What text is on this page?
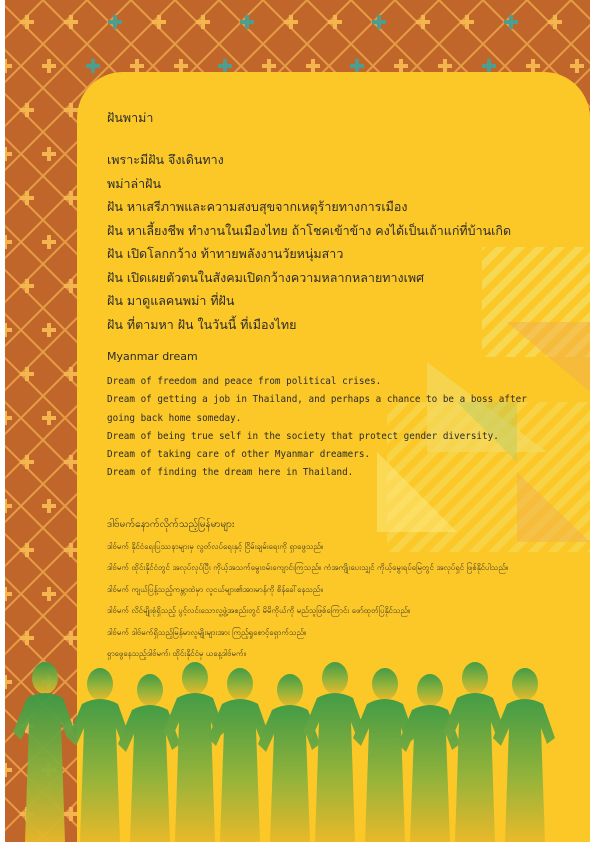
ฝันพาม่า
เพราะมีฝัน จึงเดินทาง
พม่าล่าฝัน
ฝัน หาเสรีภาพและความสงบสุขจากเหตุร้ายทางการเมือง
ฝัน หาเลี้ยงชีพ ทำงานในเมืองไทย ถ้าโชคเข้าข้าง คงได้เป็นเถ้าแก่ที่บ้านเกิด
ฝัน เปิดโลกกว้าง ท้าทายพลังงานวัยหนุ่มสาว
ฝัน เปิดเผยตัวตนในสังคมเปิดกว้างความหลากหลายทางเพศ
ฝัน มาดูแลคนพม่า ที่ฝัน
ฝัน ที่ตามหา ฝัน ในวันนี้ ที่เมืองไทย
Myanmar dream
Dream of freedom and peace from political crises.
Dream of getting a job in Thailand, and perhaps a chance to be a boss after
going back home someday.
Dream of being true self in the society that protect gender diversity.
Dream of taking care of other Myanmar dreamers.
Dream of finding the dream here in Thailand.
ဒါဗ်မက်နောက်လိုက်သည့်မြန်မာများ
ဒါဗ်မက် နိုင်ငံရေးပြဿနာများမှ လွတ်လပ်ရေးနှင့် ငြိမ်းချမ်းရေးကို ရှာဖွေသည်။
ဒါဗ်မက် ထိုင်းနိုင်ငံတွင် အလုပ်လုပ်ပြီး ကိုယ့်အသက်မွေးဝမ်းကျောင်းကြသည်။ ကံအကျိုးပေးသျှင် ကိုယ့်မွေးရပ်မြေတွင် အလုပ်ရှင် ဖြစ်နိုင်ပါသည်။
ဒါဗ်မက် ကျယ်ပြန့်သည့်ကမ္ဘာထဲမှာ လူငယ်များ၏အားမာန်ကို စိန်ခေါ်နေသည်။
ဒါဗ်မက် လိင်မျိုးစုံရှိသည့် ပွင့်လင်းသောလူ့ဖွဲ့အစည်းတွင် မိမိကိုယ်ကို မည်သူဖြစ်ကြောင်း ဖော်ထုတ်ပြနိုင်သည်။
ဒါဗ်မက် ဒါဗ်မက်ရှိသည့်မြန်မာလူမျိုးများအား ကြည့်ရှုစောင့်ရှောက်သည်။
ရှာဖွေနေသည့်ဒါဗ်မက်၊ ထိုင်းနိုင်ငံမှ ယနေ့ဒါဗ်မက်။
